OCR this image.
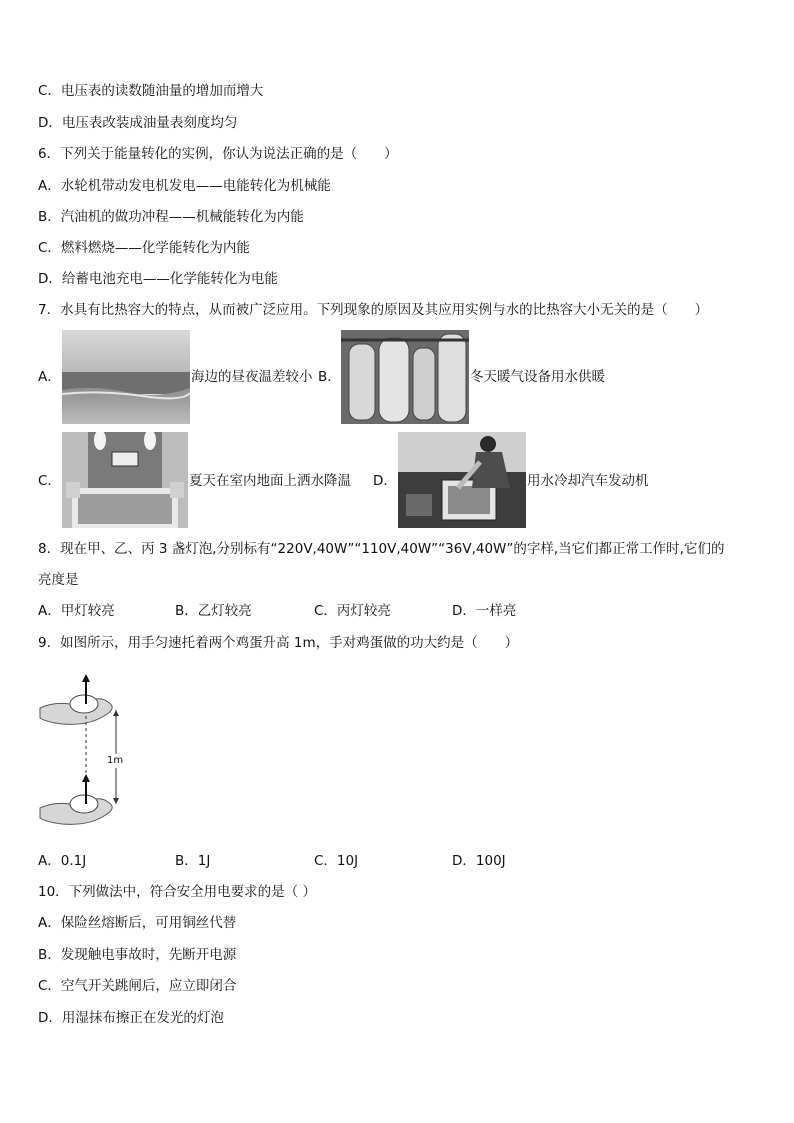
C．电压表的读数随油量的增加而增大
D．电压表改装成油量表刻度均匀
6．下列关于能量转化的实例，你认为说法正确的是（　　）
A．水轮机带动发电机发电——电能转化为机械能
B．汽油机的做功冲程——机械能转化为内能
C．燃料燃烧——化学能转化为内能
D．给蓄电池充电——化学能转化为电能
7．水具有比热容大的特点，从而被广泛应用。下列现象的原因及其应用实例与水的比热容大小无关的是（　　）
A．	海边的昼夜温差较小 B．	冬天暖气设备用水供暖
C．	夏天在室内地面上洒水降温 D．	用水冷却汽车发动机
8．现在甲、乙、丙 3 盏灯泡,分别标有“220V,40W”“110V,40W”“36V,40W”的字样,当它们都正常工作时,它们的
亮度是
A．甲灯较亮	B．乙灯较亮	C．丙灯较亮	D．一样亮
9．如图所示，用手匀速托着两个鸡蛋升高 1m，手对鸡蛋做的功大约是（　　）
1m
A．0.1J	B．1J	C．10J	D．100J
10．下列做法中，符合安全用电要求的是（ ）
A．保险丝熔断后，可用铜丝代替
B．发现触电事故时，先断开电源
C．空气开关跳闸后，应立即闭合
D．用湿抹布擦正在发光的灯泡
